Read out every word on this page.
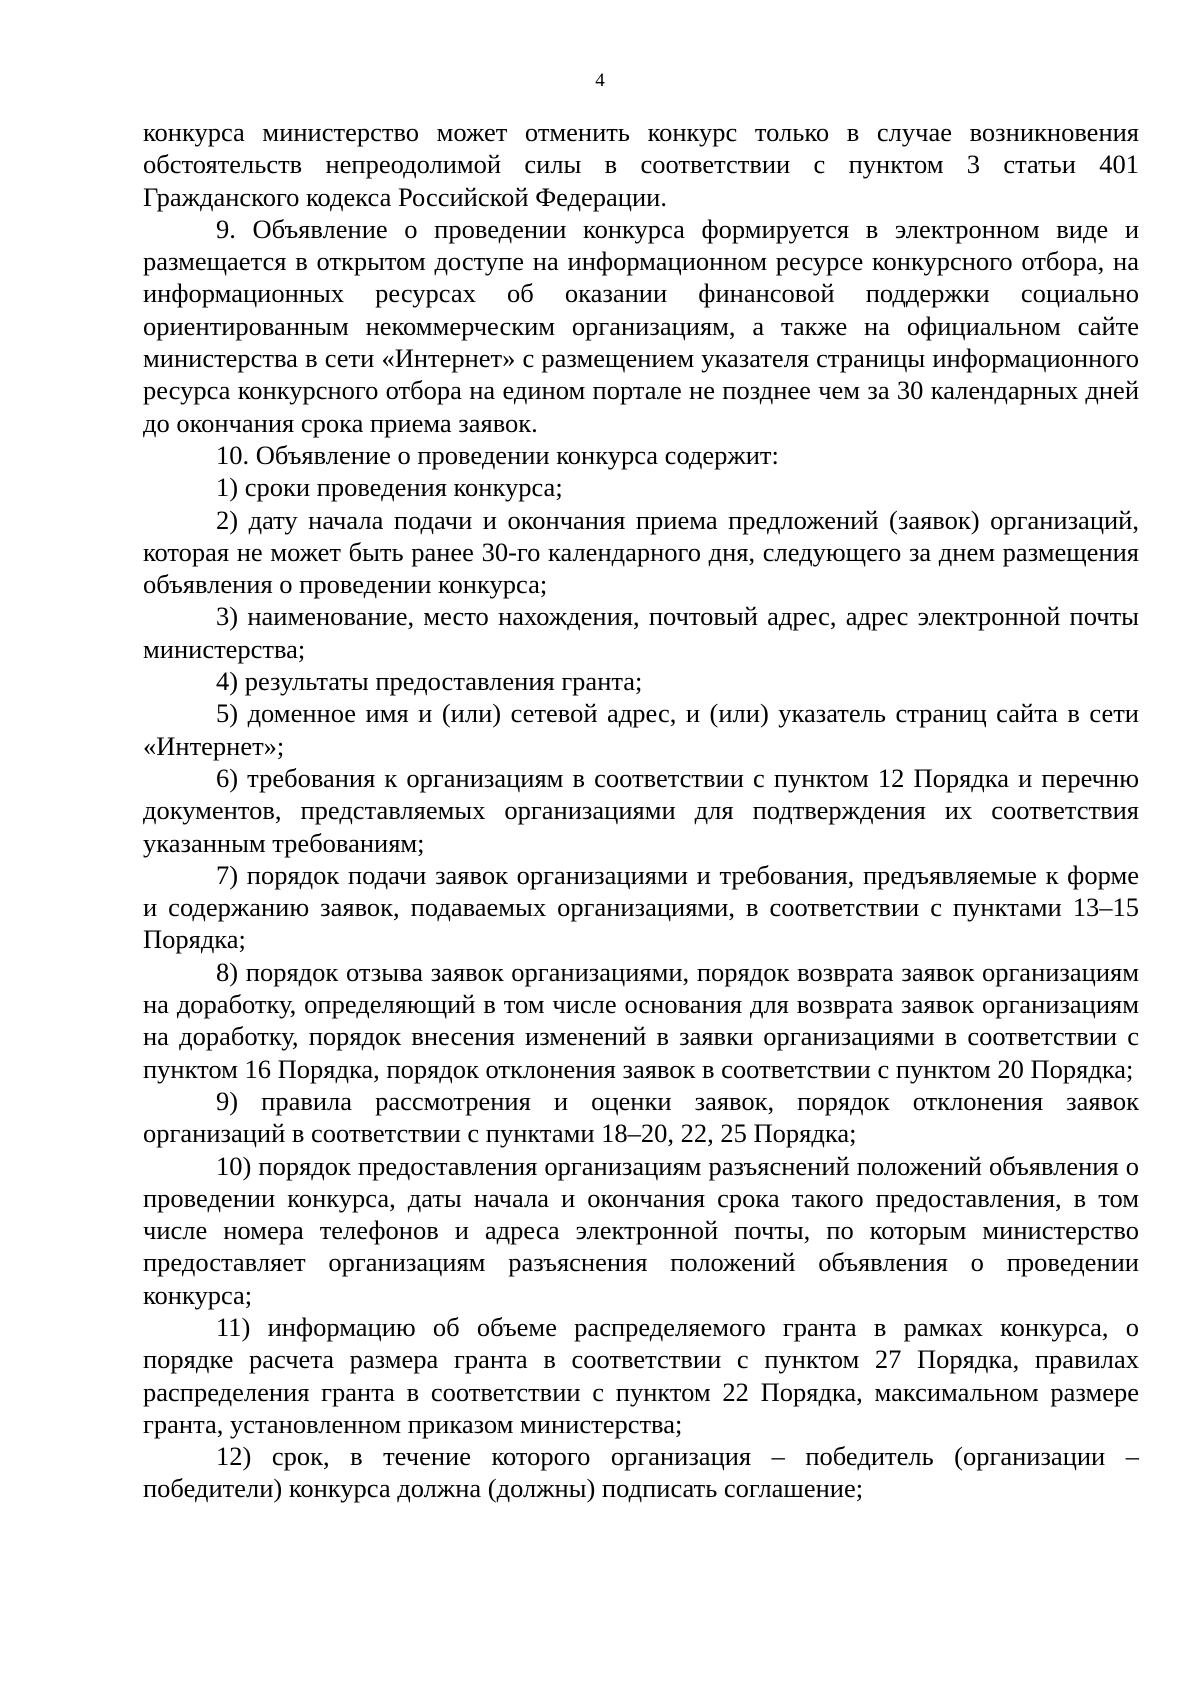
4

конкурса министерство может отменить конкурс только в случае возникновения обстоятельств непреодолимой силы в соответствии с пунктом 3 статьи 401 Гражданского кодекса Российской Федерации.

9. Объявление о проведении конкурса формируется в электронном виде и размещается в открытом доступе на информационном ресурсе конкурсного отбора, на информационных ресурсах об оказании финансовой поддержки социально ориентированным некоммерческим организациям, а также на официальном сайте министерства в сети «Интернет» с размещением указателя страницы информационного ресурса конкурсного отбора на едином портале не позднее чем за 30 календарных дней до окончания срока приема заявок.

10. Объявление о проведении конкурса содержит:

1) сроки проведения конкурса;

2) дату начала подачи и окончания приема предложений (заявок) организаций, которая не может быть ранее 30-го календарного дня, следующего за днем размещения объявления о проведении конкурса;

3) наименование, место нахождения, почтовый адрес, адрес электронной почты министерства;

4) результаты предоставления гранта;

5) доменное имя и (или) сетевой адрес, и (или) указатель страниц сайта в сети «Интернет»;

6) требования к организациям в соответствии с пунктом 12 Порядка и перечню документов, представляемых организациями для подтверждения их соответствия указанным требованиям;

7) порядок подачи заявок организациями и требования, предъявляемые к форме и содержанию заявок, подаваемых организациями, в соответствии с пунктами 13–15 Порядка;

8) порядок отзыва заявок организациями, порядок возврата заявок организациям на доработку, определяющий в том числе основания для возврата заявок организациям на доработку, порядок внесения изменений в заявки организациями в соответствии с пунктом 16 Порядка, порядок отклонения заявок в соответствии с пунктом 20 Порядка;

9) правила рассмотрения и оценки заявок, порядок отклонения заявок организаций в соответствии с пунктами 18–20, 22, 25 Порядка;

10) порядок предоставления организациям разъяснений положений объявления о проведении конкурса, даты начала и окончания срока такого предоставления, в том числе номера телефонов и адреса электронной почты, по которым министерство предоставляет организациям разъяснения положений объявления о проведении конкурса;

11) информацию об объеме распределяемого гранта в рамках конкурса, о порядке расчета размера гранта в соответствии с пунктом 27 Порядка, правилах распределения гранта в соответствии с пунктом 22 Порядка, максимальном размере гранта, установленном приказом министерства;

12) срок, в течение которого организация – победитель (организации – победители) конкурса должна (должны) подписать соглашение;
